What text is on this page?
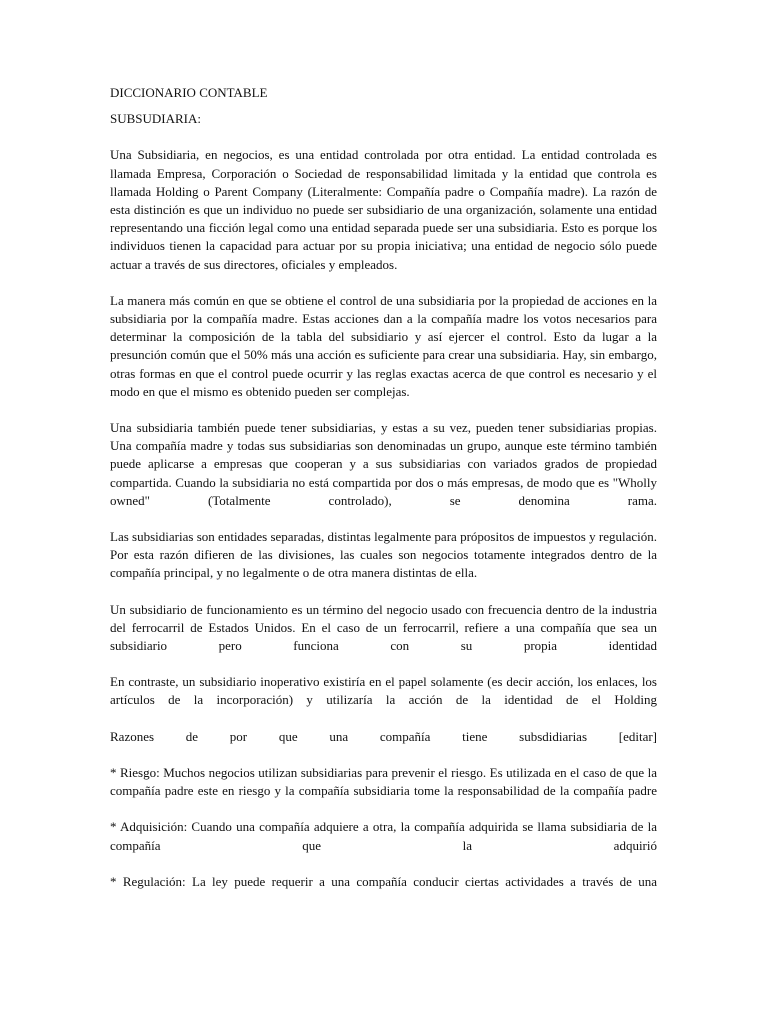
DICCIONARIO CONTABLE
SUBSUDIARIA:

Una Subsidiaria, en negocios, es una entidad controlada por otra entidad. La entidad controlada es llamada Empresa, Corporación o Sociedad de responsabilidad limitada y la entidad que controla es llamada Holding o Parent Company (Literalmente: Compañía padre o Compañía madre). La razón de esta distinción es que un individuo no puede ser subsidiario de una organización, solamente una entidad representando una ficción legal como una entidad separada puede ser una subsidiaria. Esto es porque los individuos tienen la capacidad para actuar por su propia iniciativa; una entidad de negocio sólo puede actuar a través de sus directores, oficiales y empleados.

La manera más común en que se obtiene el control de una subsidiaria por la propiedad de acciones en la subsidiaria por la compañía madre. Estas acciones dan a la compañía madre los votos necesarios para determinar la composición de la tabla del subsidiario y así ejercer el control. Esto da lugar a la presunción común que el 50% más una acción es suficiente para crear una subsidiaria. Hay, sin embargo, otras formas en que el control puede ocurrir y las reglas exactas acerca de que control es necesario y el modo en que el mismo es obtenido pueden ser complejas.

Una subsidiaria también puede tener subsidiarias, y estas a su vez, pueden tener subsidiarias propias. Una compañía madre y todas sus subsidiarias son denominadas un grupo, aunque este término también puede aplicarse a empresas que cooperan y a sus subsidiarias con variados grados de propiedad compartida. Cuando la subsidiaria no está compartida por dos o más empresas, de modo que es "Wholly owned" (Totalmente controlado), se denomina rama.

Las subsidiarias son entidades separadas, distintas legalmente para própositos de impuestos y regulación. Por esta razón difieren de las divisiones, las cuales son negocios totamente integrados dentro de la compañía principal, y no legalmente o de otra manera distintas de ella.

Un subsidiario de funcionamiento es un término del negocio usado con frecuencia dentro de la industria del ferrocarril de Estados Unidos. En el caso de un ferrocarril, refiere a una compañía que sea un subsidiario pero funciona con su propia identidad

En contraste, un subsidiario inoperativo existiría en el papel solamente (es decir acción, los enlaces, los artículos de la incorporación) y utilizaría la acción de la identidad de el Holding

Razones de por que una compañía tiene subsdidiarias [editar]

* Riesgo: Muchos negocios utilizan subsidiarias para prevenir el riesgo. Es utilizada en el caso de que la compañía padre este en riesgo y la compañía subsidiaria tome la responsabilidad de la compañía padre

* Adquisición: Cuando una compañía adquiere a otra, la compañía adquirida se llama subsidiaria de la compañía que la adquirió

* Regulación: La ley puede requerir a una compañía conducir ciertas actividades a través de una
